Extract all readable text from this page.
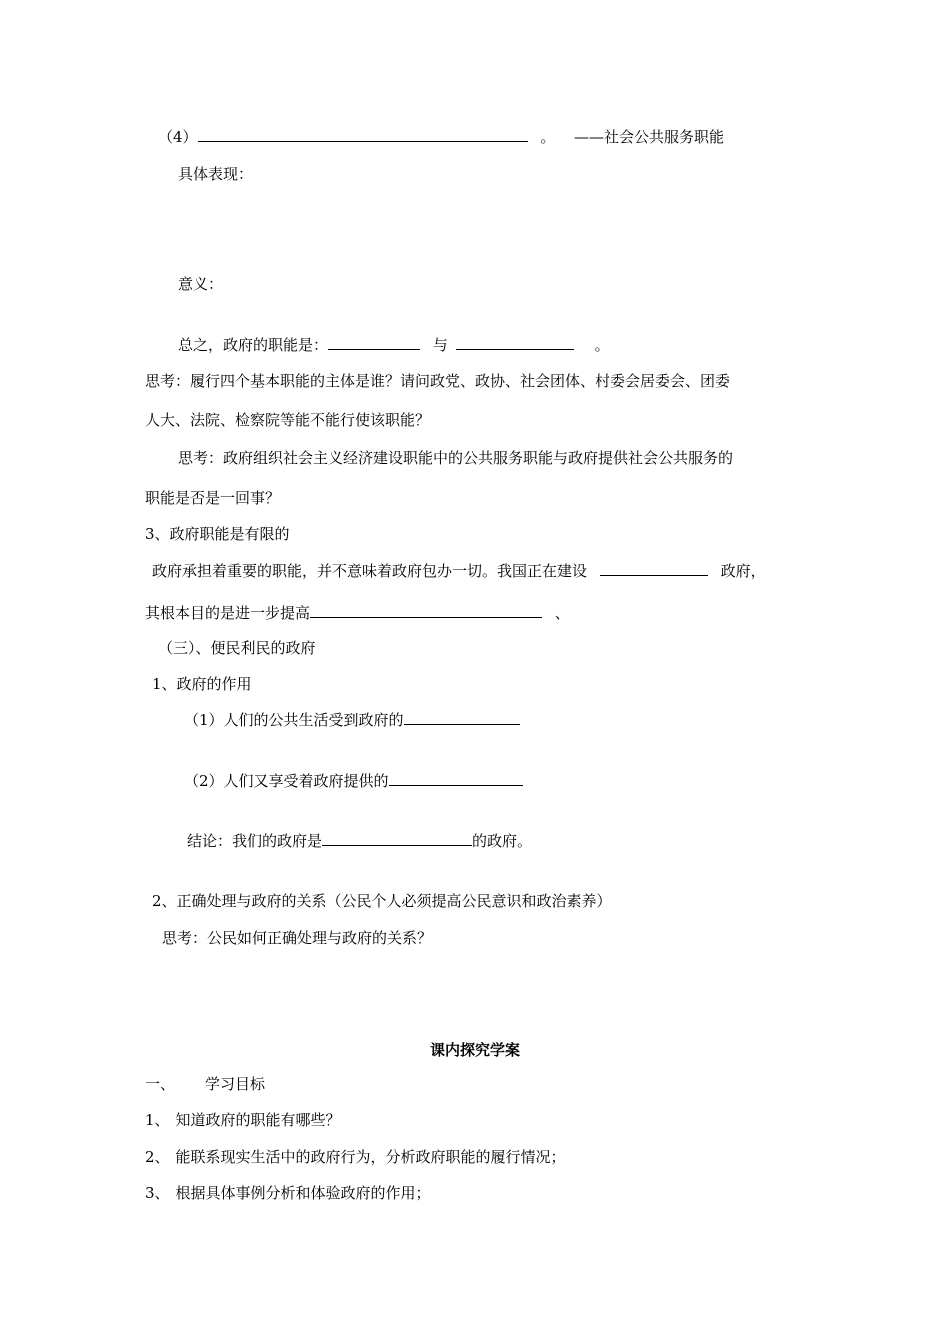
（4）	。 ——社会公共服务职能
具体表现：
意义：
总之，政府的职能是：	与	。
思考：履行四个基本职能的主体是谁？请问政党、政协、社会团体、村委会居委会、团委
人大、法院、检察院等能不能行使该职能？
思考：政府组织社会主义经济建设职能中的公共服务职能与政府提供社会公共服务的
职能是否是一回事？
3、政府职能是有限的
政府承担着重要的职能，并不意味着政府包办一切。我国正在建设	政府，
其根本目的是进一步提高	、
（三）、便民利民的政府
1、政府的作用
（1）人们的公共生活受到政府的
（2）人们又享受着政府提供的
结论：我们的政府是	的政府。
2、正确处理与政府的关系（公民个人必须提高公民意识和政治素养）
思考：公民如何正确处理与政府的关系？
课内探究学案
一、 学习目标
1、 知道政府的职能有哪些？
2、 能联系现实生活中的政府行为，分析政府职能的履行情况；
3、 根据具体事例分析和体验政府的作用；
